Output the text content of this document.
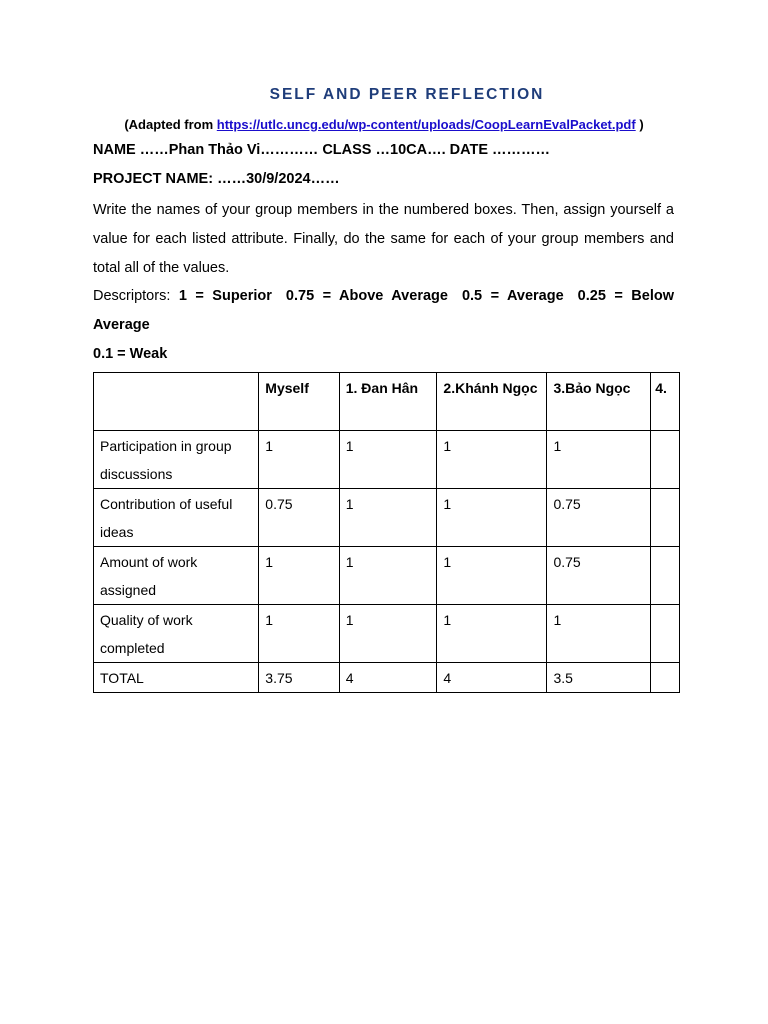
SELF AND PEER REFLECTION
(Adapted from https://utlc.uncg.edu/wp-content/uploads/CoopLearnEvalPacket.pdf )
NAME ……Phan Thảo Vi………… CLASS …10CA…. DATE …………
PROJECT NAME: ……30/9/2024……

Write the names of your group members in the numbered boxes. Then, assign yourself a value for each listed attribute. Finally, do the same for each of your group members and total all of the values.

Descriptors: 1 = Superior 0.75 = Above Average 0.5 = Average 0.25 = Below Average
0.1 = Weak

	Myself	1. Đan Hân	2.Khánh Ngọc	3.Bảo Ngọc	4.
Participation in group discussions	1	1	1	1	
Contribution of useful ideas	0.75	1	1	0.75	
Amount of work assigned	1	1	1	0.75	
Quality of work completed	1	1	1	1	
TOTAL	3.75	4	4	3.5	
